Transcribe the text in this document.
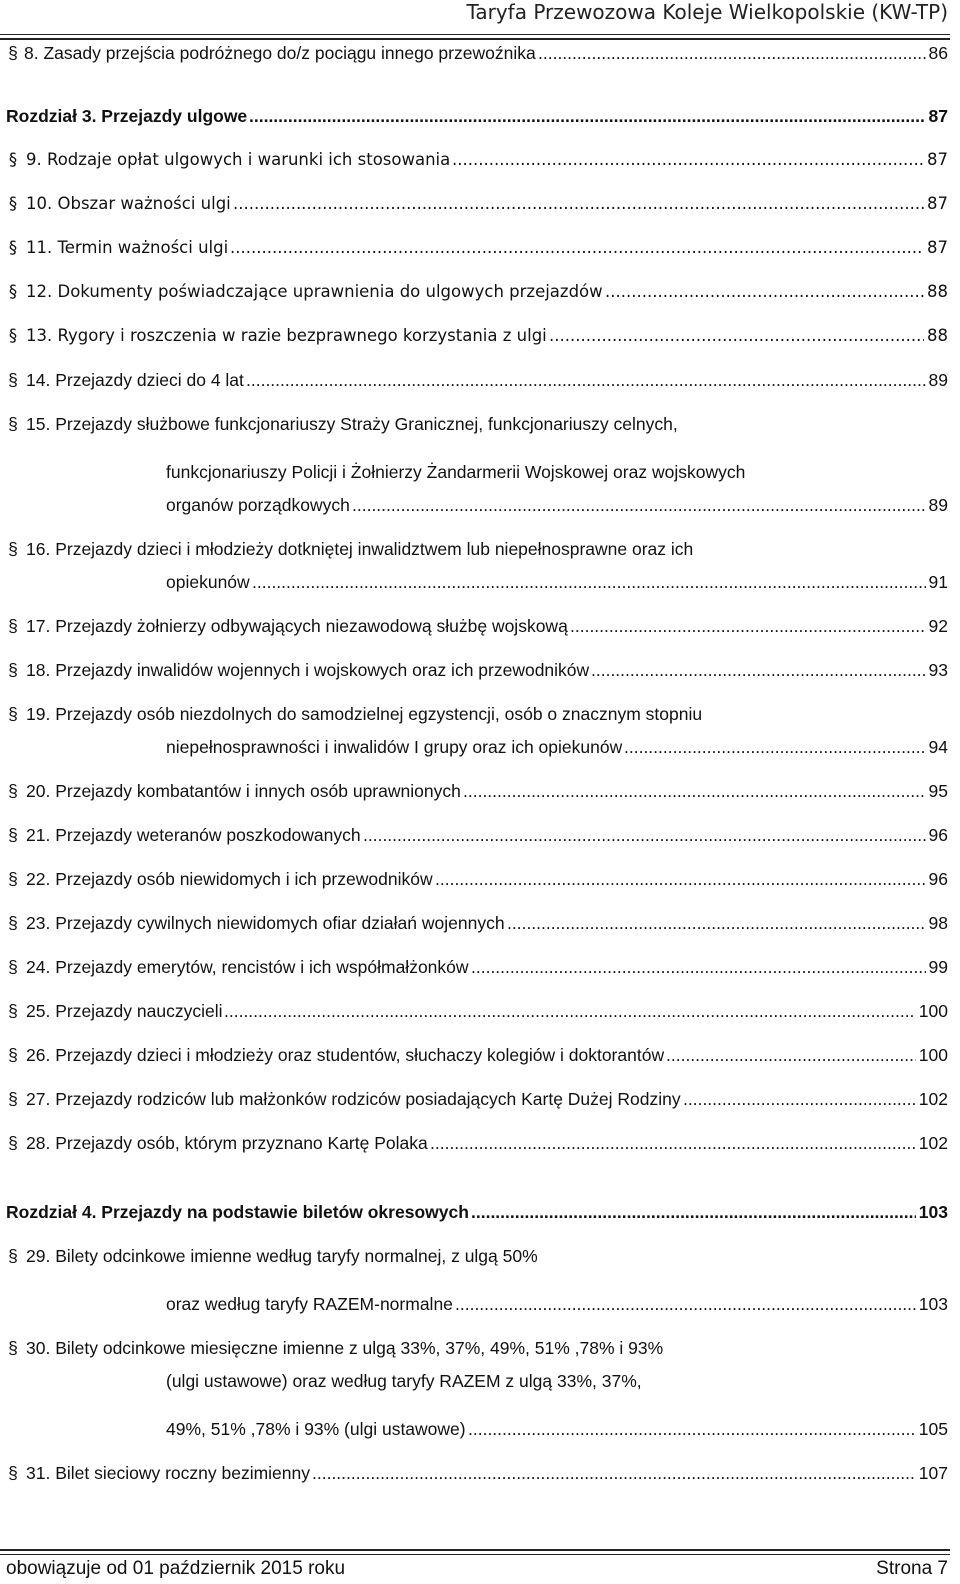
Taryfa Przewozowa Koleje Wielkopolskie (KW-TP)
§ 8. Zasady przejścia podróżnego do/z pociągu innego przewoźnika .....	86
Rozdział 3. Przejazdy ulgowe .....	87
§ 9. Rodzaje opłat ulgowych i warunki ich stosowania .....	87
§ 10. Obszar ważności ulgi .....	87
§ 11. Termin ważności ulgi .....	87
§ 12. Dokumenty poświadczające uprawnienia do ulgowych przejazdów .....	88
§ 13. Rygory i roszczenia w razie bezprawnego korzystania z ulgi .....	88
§ 14. Przejazdy dzieci do 4 lat .....	89
§ 15. Przejazdy służbowe funkcjonariuszy Straży Granicznej, funkcjonariuszy celnych,
funkcjonariuszy Policji i Żołnierzy Żandarmerii Wojskowej oraz wojskowych
organów porządkowych .....	89
§ 16. Przejazdy dzieci i młodzieży dotkniętej inwalidztwem lub niepełnosprawne oraz ich
opiekunów .....	91
§ 17. Przejazdy żołnierzy odbywających niezawodową służbę wojskową .....	92
§ 18. Przejazdy inwalidów wojennych i wojskowych oraz ich przewodników .....	93
§ 19. Przejazdy osób niezdolnych do samodzielnej egzystencji, osób o znacznym stopniu
niepełnosprawności i inwalidów I grupy oraz ich opiekunów .....	94
§ 20. Przejazdy kombatantów i innych osób uprawnionych .....	95
§ 21. Przejazdy weteranów poszkodowanych .....	96
§ 22. Przejazdy osób niewidomych i ich przewodników .....	96
§ 23. Przejazdy cywilnych niewidomych ofiar działań wojennych .....	98
§ 24. Przejazdy emerytów, rencistów i ich współmałżonków .....	99
§ 25. Przejazdy nauczycieli .....	100
§ 26. Przejazdy dzieci i młodzieży oraz studentów, słuchaczy kolegiów i doktorantów .....	100
§ 27. Przejazdy rodziców lub małżonków rodziców posiadających Kartę Dużej Rodziny .....	102
§ 28. Przejazdy osób, którym przyznano Kartę Polaka .....	102
Rozdział 4. Przejazdy na podstawie biletów okresowych .....	103
§ 29. Bilety odcinkowe imienne według taryfy normalnej, z ulgą 50%
oraz według taryfy RAZEM-normalne .....	103
§ 30. Bilety odcinkowe miesięczne imienne z ulgą 33%, 37%, 49%, 51% ,78% i 93%
(ulgi ustawowe) oraz według taryfy RAZEM z ulgą 33%, 37%,
49%, 51% ,78% i 93% (ulgi ustawowe) .....	105
§ 31. Bilet sieciowy roczny bezimienny .....	107
obowiązuje od 01 październik 2015 roku	Strona 7
